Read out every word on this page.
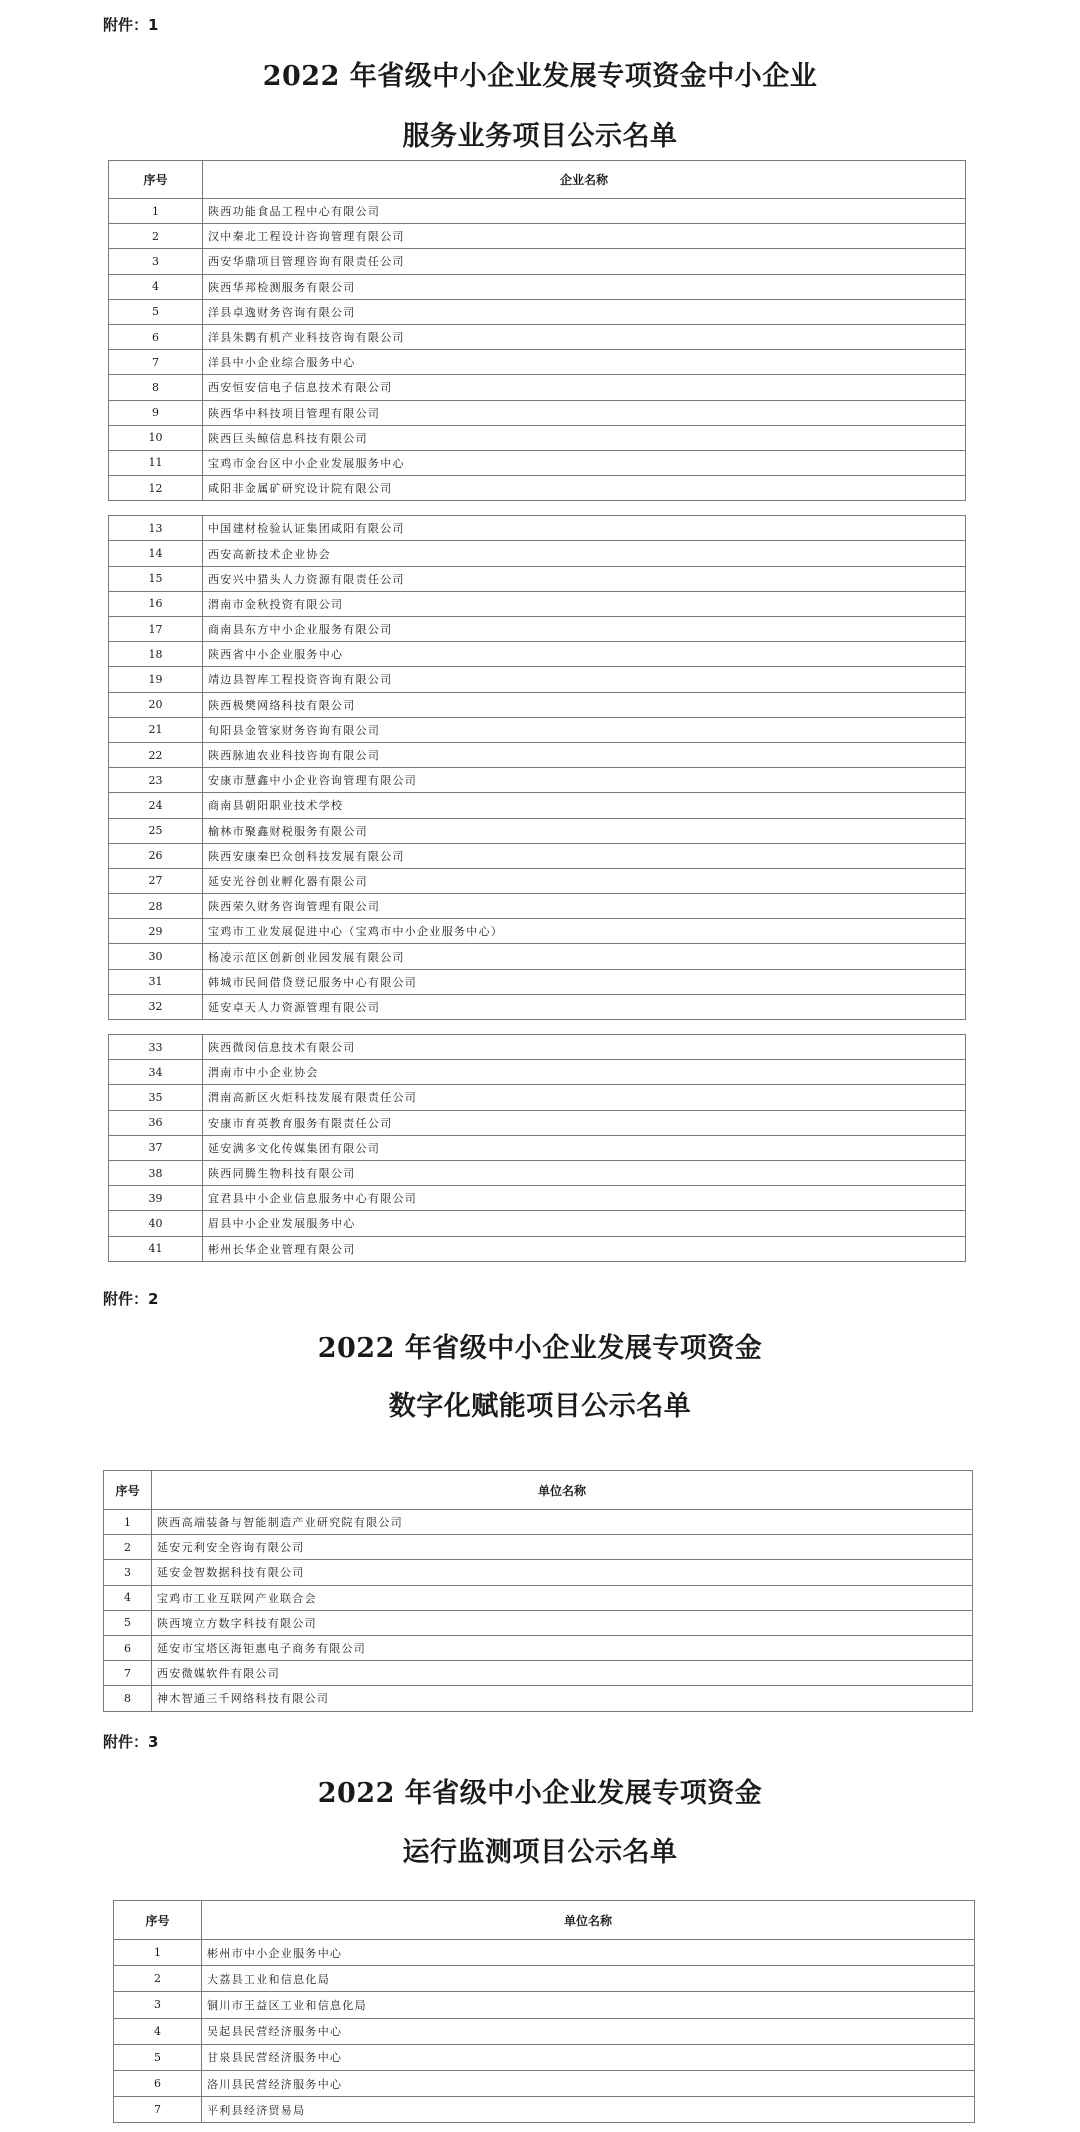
附件：1
2022 年省级中小企业发展专项资金中小企业
服务业务项目公示名单
序号	企业名称
1	陕西功能食品工程中心有限公司
2	汉中秦北工程设计咨询管理有限公司
3	西安华鼎项目管理咨询有限责任公司
4	陕西华邦检测服务有限公司
5	洋县卓逸财务咨询有限公司
6	洋县朱鹮有机产业科技咨询有限公司
7	洋县中小企业综合服务中心
8	西安恒安信电子信息技术有限公司
9	陕西华中科技项目管理有限公司
10	陕西巨头鲸信息科技有限公司
11	宝鸡市金台区中小企业发展服务中心
12	咸阳非金属矿研究设计院有限公司

13	中国建材检验认证集团咸阳有限公司
14	西安高新技术企业协会
15	西安兴中猎头人力资源有限责任公司
16	渭南市金秋投资有限公司
17	商南县东方中小企业服务有限公司
18	陕西省中小企业服务中心
19	靖边县智库工程投资咨询有限公司
20	陕西极樊网络科技有限公司
21	旬阳县金管家财务咨询有限公司
22	陕西脉迪农业科技咨询有限公司
23	安康市慧鑫中小企业咨询管理有限公司
24	商南县朝阳职业技术学校
25	榆林市聚鑫财税服务有限公司
26	陕西安康秦巴众创科技发展有限公司
27	延安光谷创业孵化器有限公司
28	陕西荣久财务咨询管理有限公司
29	宝鸡市工业发展促进中心（宝鸡市中小企业服务中心）
30	杨凌示范区创新创业园发展有限公司
31	韩城市民间借贷登记服务中心有限公司
32	延安卓天人力资源管理有限公司

33	陕西微闵信息技术有限公司
34	渭南市中小企业协会
35	渭南高新区火炬科技发展有限责任公司
36	安康市育英教育服务有限责任公司
37	延安满多文化传媒集团有限公司
38	陕西同腾生物科技有限公司
39	宜君县中小企业信息服务中心有限公司
40	眉县中小企业发展服务中心
41	彬州长华企业管理有限公司
附件：2
2022 年省级中小企业发展专项资金
数字化赋能项目公示名单
序号	单位名称
1	陕西高端装备与智能制造产业研究院有限公司
2	延安元利安全咨询有限公司
3	延安金智数据科技有限公司
4	宝鸡市工业互联网产业联合会
5	陕西境立方数字科技有限公司
6	延安市宝塔区海钜惠电子商务有限公司
7	西安微媒软件有限公司
8	神木智通三千网络科技有限公司
附件：3
2022 年省级中小企业发展专项资金
运行监测项目公示名单
序号	单位名称
1	彬州市中小企业服务中心
2	大荔县工业和信息化局
3	铜川市王益区工业和信息化局
4	吴起县民营经济服务中心
5	甘泉县民营经济服务中心
6	洛川县民营经济服务中心
7	平利县经济贸易局
